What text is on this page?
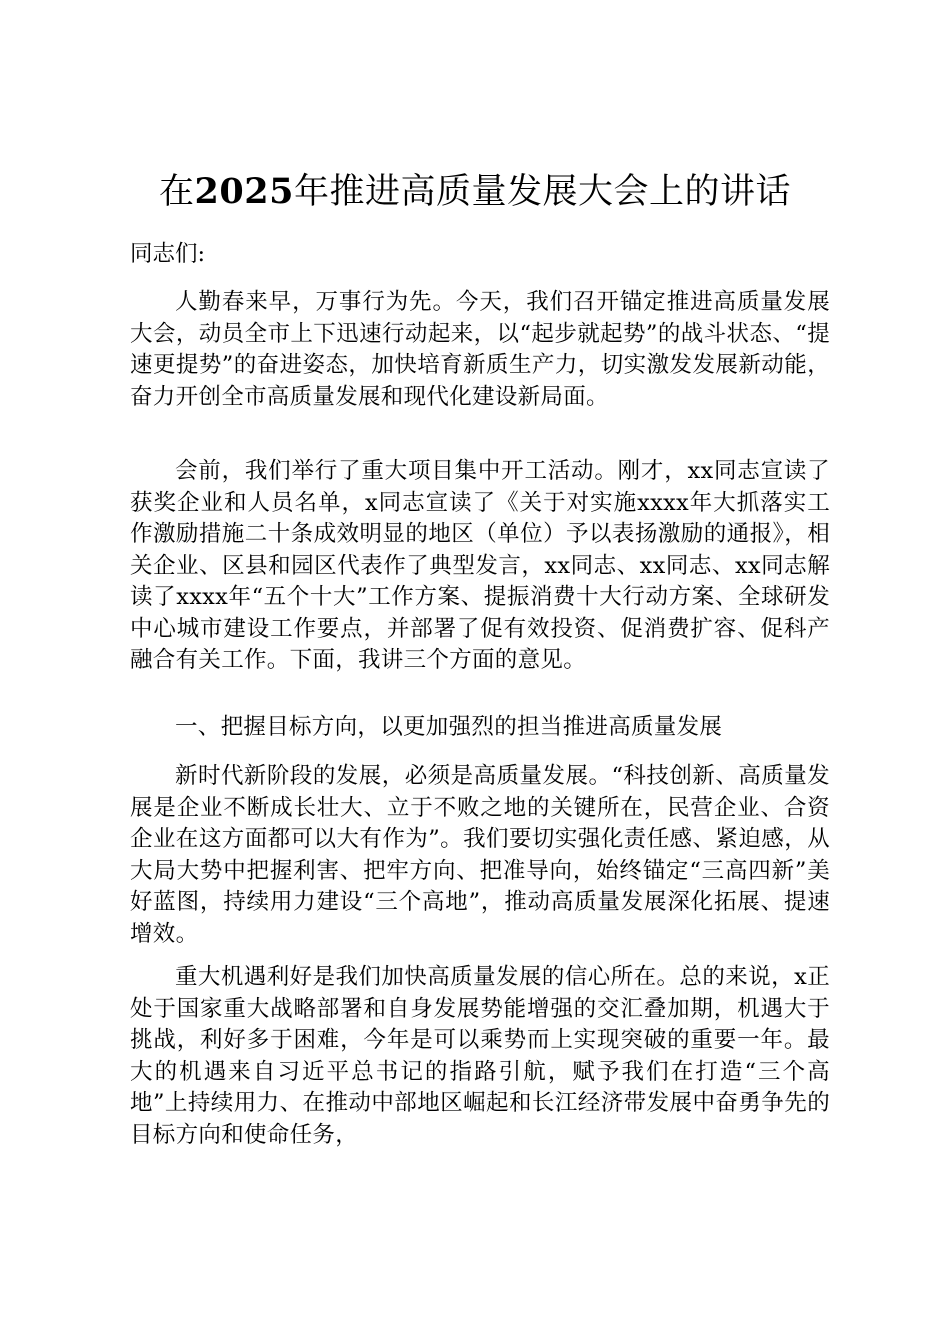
在2025年推进高质量发展大会上的讲话
同志们:
人勤春来早，万事行为先。今天，我们召开锚定推进高质量发展大会，动员全市上下迅速行动起来，以“起步就起势”的战斗状态、“提速更提势”的奋进姿态，加快培育新质生产力，切实激发发展新动能，奋力开创全市高质量发展和现代化建设新局面。
会前，我们举行了重大项目集中开工活动。刚才，xx同志宣读了获奖企业和人员名单，x同志宣读了《关于对实施xxxx年大抓落实工作激励措施二十条成效明显的地区（单位）予以表扬激励的通报》，相关企业、区县和园区代表作了典型发言，xx同志、xx同志、xx同志解读了xxxx年“五个十大”工作方案、提振消费十大行动方案、全球研发中心城市建设工作要点，并部署了促有效投资、促消费扩容、促科产融合有关工作。下面，我讲三个方面的意见。
一、把握目标方向，以更加强烈的担当推进高质量发展
新时代新阶段的发展，必须是高质量发展。“科技创新、高质量发展是企业不断成长壮大、立于不败之地的关键所在，民营企业、合资企业在这方面都可以大有作为”。我们要切实强化责任感、紧迫感，从大局大势中把握利害、把牢方向、把准导向，始终锚定“三高四新”美好蓝图，持续用力建设“三个高地”，推动高质量发展深化拓展、提速增效。
重大机遇利好是我们加快高质量发展的信心所在。总的来说，x正处于国家重大战略部署和自身发展势能增强的交汇叠加期，机遇大于挑战，利好多于困难，今年是可以乘势而上实现突破的重要一年。最大的机遇来自习近平总书记的指路引航，赋予我们在打造“三个高地”上持续用力、在推动中部地区崛起和长江经济带发展中奋勇争先的目标方向和使命任务，
